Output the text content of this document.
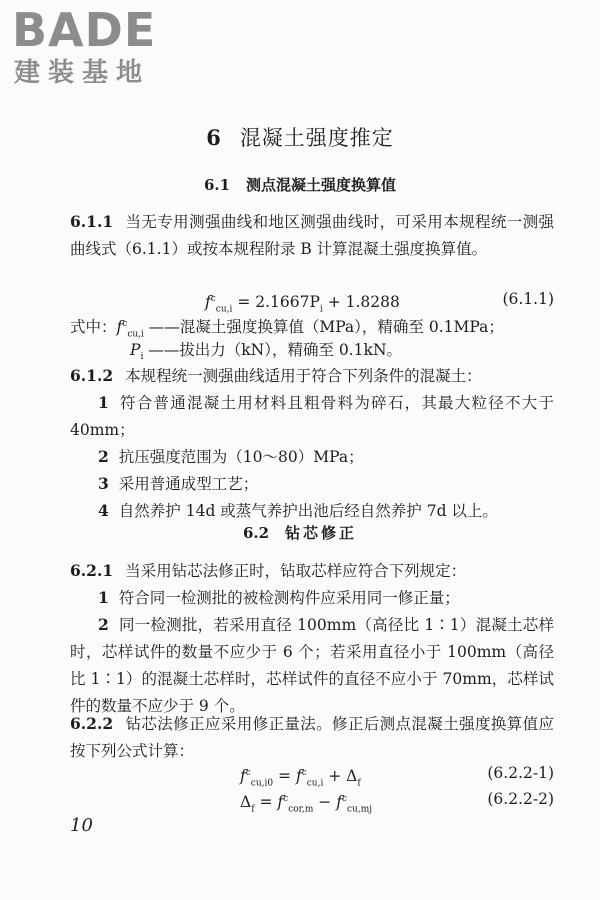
BADE
建装基地
6 混凝土强度推定
6.1 测点混凝土强度换算值
6.1.1 当无专用测强曲线和地区测强曲线时，可采用本规程统一测强曲线式（6.1.1）或按本规程附录 B 计算混凝土强度换算值。
$f^c_{cu,i} = 2.1667P_i + 1.8288$	(6.1.1)
式中：$f^c_{cu,i}$ ——混凝土强度换算值（MPa），精确至 0.1MPa；
$P_i$ ——拔出力（kN），精确至 0.1kN。
6.1.2 本规程统一测强曲线适用于符合下列条件的混凝土：
1 符合普通混凝土用材料且粗骨料为碎石，其最大粒径不大于 40mm；
2 抗压强度范围为（10～80）MPa；
3 采用普通成型工艺；
4 自然养护 14d 或蒸气养护出池后经自然养护 7d 以上。
6.2 钻芯修正
6.2.1 当采用钻芯法修正时，钻取芯样应符合下列规定：
1 符合同一检测批的被检测构件应采用同一修正量；
2 同一检测批，若采用直径 100mm（高径比 1∶1）混凝土芯样时，芯样试件的数量不应少于 6 个；若采用直径小于 100mm（高径比 1∶1）的混凝土芯样时，芯样试件的直径不应小于 70mm，芯样试件的数量不应少于 9 个。
6.2.2 钻芯法修正应采用修正量法。修正后测点混凝土强度换算值应按下列公式计算：
$f^c_{cu,i0} = f^c_{cu,i} + \Delta_f$
(6.2.2-1)
$\Delta_f = f^c_{cor,m} - f^c_{cu,mj}$
(6.2.2-2)
10
